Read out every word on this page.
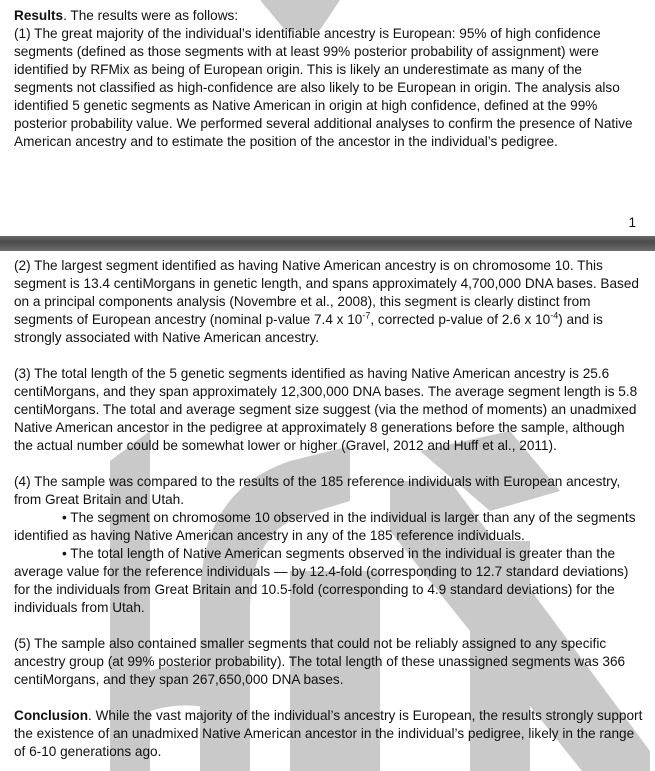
Results. The results were as follows:

(1) The great majority of the individual’s identifiable ancestry is European: 95% of high confidence segments (defined as those segments with at least 99% posterior probability of assignment) were identified by RFMix as being of European origin. This is likely an underestimate as many of the segments not classified as high-confidence are also likely to be European in origin. The analysis also identified 5 genetic segments as Native American in origin at high confidence, defined at the 99% posterior probability value. We performed several additional analyses to confirm the presence of Native American ancestry and to estimate the position of the ancestor in the individual’s pedigree.

1

(2) The largest segment identified as having Native American ancestry is on chromosome 10. This segment is 13.4 centiMorgans in genetic length, and spans approximately 4,700,000 DNA bases. Based on a principal components analysis (Novembre et al., 2008), this segment is clearly distinct from segments of European ancestry (nominal p-value 7.4 x $10^{-7}$, corrected p-value of 2.6 x $10^{-4}$) and is strongly associated with Native American ancestry.

(3) The total length of the 5 genetic segments identified as having Native American ancestry is 25.6 centiMorgans, and they span approximately 12,300,000 DNA bases. The average segment length is 5.8 centiMorgans. The total and average segment size suggest (via the method of moments) an unadmixed Native American ancestor in the pedigree at approximately 8 generations before the sample, although the actual number could be somewhat lower or higher (Gravel, 2012 and Huff et al., 2011).

(4) The sample was compared to the results of the 185 reference individuals with European ancestry, from Great Britain and Utah.

• The segment on chromosome 10 observed in the individual is larger than any of the segments identified as having Native American ancestry in any of the 185 reference individuals.

• The total length of Native American segments observed in the individual is greater than the average value for the reference individuals — by 12.4-fold (corresponding to 12.7 standard deviations) for the individuals from Great Britain and 10.5-fold (corresponding to 4.9 standard deviations) for the individuals from Utah.

(5) The sample also contained smaller segments that could not be reliably assigned to any specific ancestry group (at 99% posterior probability). The total length of these unassigned segments was 366 centiMorgans, and they span 267,650,000 DNA bases.

Conclusion. While the vast majority of the individual’s ancestry is European, the results strongly support the existence of an unadmixed Native American ancestor in the individual’s pedigree, likely in the range of 6-10 generations ago.
